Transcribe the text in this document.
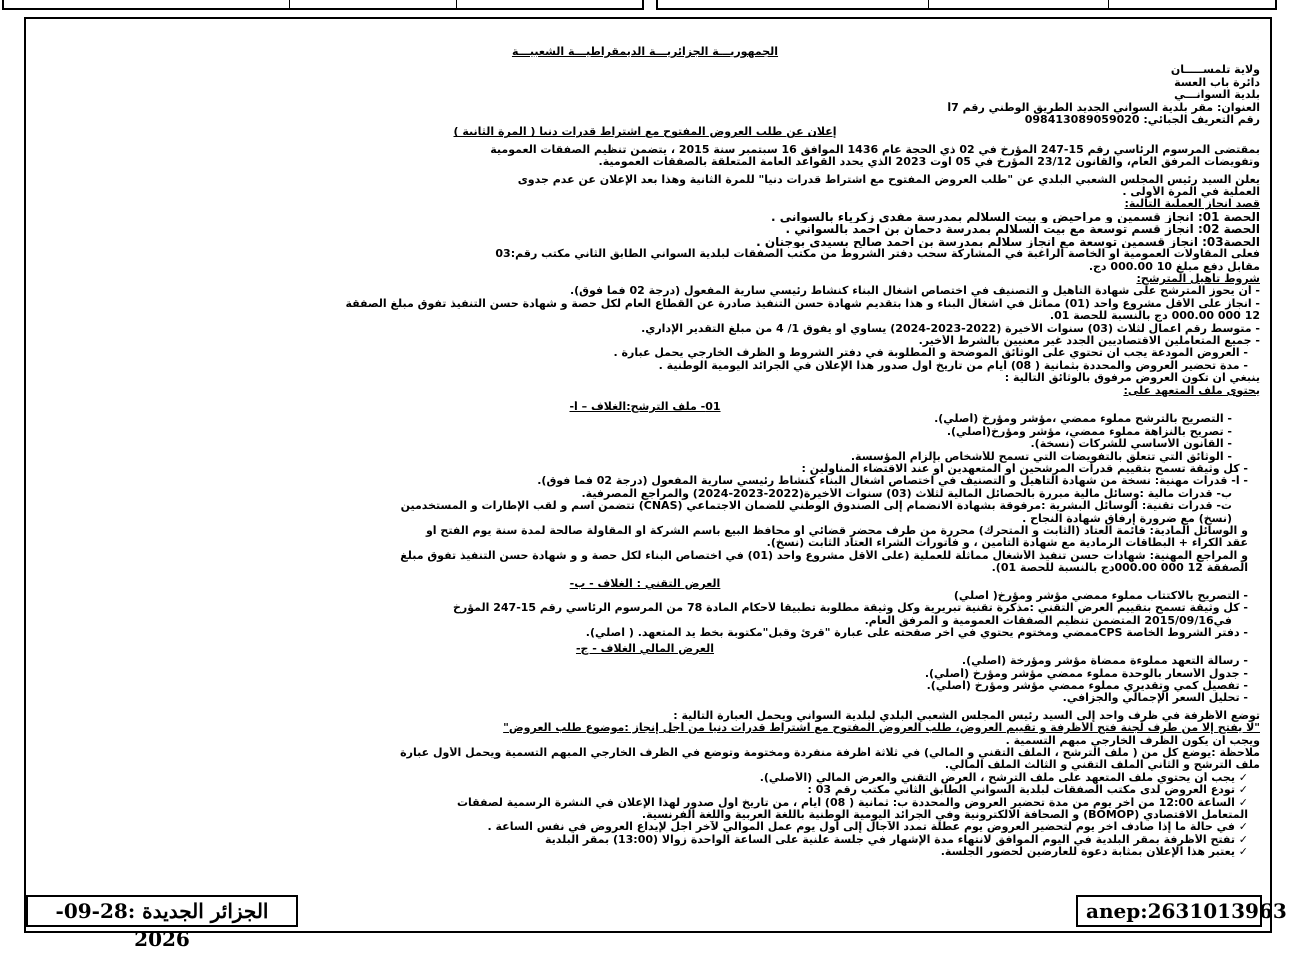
الجمهوريـــة الجزائريـــة الديمقراطيـــة الشعبيـــة

ولاية تلمســـــان

دائرة باب العسة

بلدية السوانـــي

العنوان: مقر بلدية السواني الجديد الطريق الوطني رقم 7أ

رقم التعريف الجبائي: 098413089059020

إعلان عن طلب العروض المفتوح مع اشتراط قدرات دنيا ( المرة الثانية )

بمقتضى المرسوم الرئاسي رقم 15-247 المؤرخ في 02 ذي الحجة عام 1436 الموافق 16 سبتمبر سنة 2015 ، يتضمن تنظيم الصفقات العمومية

وتفويضات المرفق العام، والقانون 23/12 المؤرخ في 05 اوت 2023 الذي يحدد القواعد العامة المتعلقة بالصفقات العمومية.

يعلن السيد رئيس المجلس الشعبي البلدي عن "طلب العروض المفتوح مع اشتراط قدرات دنيا" للمرة الثانية وهذا بعد الإعلان عن عدم جدوى

العملية في المرة الأولى .

قصد انجاز العملية التالية:

الحصة 01: انجاز قسمين و مراحيض و بيت السلالم بمدرسة مفدي زكرياء بالسواني .

الحصة 02: انجاز قسم توسعة مع بيت السلالم بمدرسة دحمان بن احمد بالسواني .

الحصة03: انجاز قسمين توسعة مع انجاز سلالم بمدرسة بن احمد صالح بسيدي بوجنان .

فعلى المقاولات العمومية او الخاصة الراغبة في المشاركة سحب دفتر الشروط من مكتب الصفقات لبلدية السواني الطابق الثاني مكتب رقم:03

مقابل دفع مبلغ 10 000.00 دج.

شروط تأهيل المترشح:

- أن يحوز المترشح على شهادة التأهيل و التصنيف في اختصاص أشغال البناء كنشاط رئيسي سارية المفعول (درجة 02 فما فوق).

- انجاز على الأقل مشروع واحد (01) مماثل في اشغال البناء و هذا بتقديم شهادة حسن التنفيذ صادرة عن القطاع العام لكل حصة و شهادة حسن التنفيذ تفوق مبلغ الصفقة

12 000 000.00 دج بالنسبة للحصة 01.

- متوسط رقم أعمال لثلاث (03) سنوات الأخيرة (2022-2023-2024) يساوي أو يفوق 1/ 4 من مبلغ التقدير الإداري.

- جميع المتعاملين الاقتصاديين الجدد غير معنيين بالشرط الأخير.

- العروض المودعة يجب ان تحتوي على الوثائق الموضحة و المطلوبة في دفتر الشروط و الظرف الخارجي يحمل عبارة .

- مدة تحضير العروض والمحددة بثمانية ( 08) أيام من تاريخ أول صدور هذا الإعلان في الجرائد اليومية الوطنية .

ينبغي ان تكون العروض مرفوق بالوثائق التالية :

يحتوى ملف المتعهد على:

01- ملف الترشح:الغلاف – أ-

- التصريح بالترشح مملوء ممضي ،مؤشر ومؤرخ (أصلي).

- تصريح بالنزاهة مملوء ممضي، مؤشر ومؤرخ(أصلي).

- القانون الأساسي للشركات (نسخة).

- الوثائق التي تتعلق بالتفويضات التي تسمح للأشخاص بإلزام المؤسسة.

- كل وثيقة تسمح بتقييم قدرات المرشحين أو المتعهدين أو عند الاقتضاء المناولين :

- أ- قدرات مهنية: نسخة من شهادة التأهيل و التصنيف في اختصاص أشغال البناء كنشاط رئيسي سارية المفعول (درجة 02 فما فوق).

ب- قدرات مالية :وسائل مالية مبررة بالحصائل المالية لثلاث (03) سنوات الأخيرة(2022-2023-2024) والمراجع المصرفية.

ت- قدرات تقنية: الوسائل البشرية :مرفوقة بشهادة الانضمام إلى الصندوق الوطني للضمان الاجتماعي (CNAS) تتضمن اسم و لقب الإطارات و المستخدمين

(نسخ) مع ضرورة إرفاق شهادة النجاح .

و الوسائل المادية: قائمة العتاد (الثابت و المتحرك) محررة من طرف محضر قضائي أو محافظ البيع باسم الشركة أو المقاولة صالحة لمدة سنة يوم الفتح أو

عقد الكراء + البطاقات الرمادية مع شهادة التأمين ، و فاتورات الشراء العتاد الثابت (نسخ).

و المراجع المهنية: شهادات حسن تنفيذ الأشغال مماثلة للعملية (على الأقل مشروع واحد (01) في اختصاص البناء لكل حصة و و شهادة حسن التنفيذ تفوق مبلغ

الصفقة 12 000 000.00دج بالنسبة للحصة 01).

العرض التقني : الغلاف - ب-

- التصريح بالاكتتاب مملوء ممضي مؤشر ومؤرخ( اصلي)

- كل وثيقة تسمح بتقييم العرض التقني :مذكرة تقنية تبريرية وكل وثيقة مطلوبة تطبيقا لأحكام المادة 78 من المرسوم الرئاسي رقم 15-247 المؤرخ

في2015/09/16 المتضمن تنظيم الصفقات العمومية و المرفق العام.

- دفتر الشروط الخاصة CPSممضي ومختوم يحتوي في آخر صفحته على عبارة "قرئ وقبل"مكتوبة بخط يد المتعهد. ( اصلي).

العرض المالي الغلاف - ج-

- رسالة التعهد مملوءة ممضاة مؤشر ومؤرخة (اصلي).

- جدول الأسعار بالوحدة مملوء ممضي مؤشر ومؤرخ (أصلي).

- تفصيل كمي وتقديري مملوء ممضي مؤشر ومؤرخ (اصلي).

- تحليل السعر الإجمالي والجزافي.

توضع الأظرفة في ظرف واحد إلى السيد رئيس المجلس الشعبي البلدي لبلدية السواني ويحمل العبارة التالية :

"لا يفتح إلا من طرف لجنة فتح الأظرفة و تقييم العروض، طلب العروض المفتوح مع اشتراط قدرات دنيا من أجل إنجاز :موضوع طلب العروض"

ويجب أن يكون الظرف الخارجي مبهم التسمية .

ملاحظة :يوضع كل من ( ملف الترشح ، الملف التقني و المالي) في ثلاثة أظرفة منفردة ومختومة وتوضع في الظرف الخارجي المبهم التسمية ويحمل الأول عبارة

ملف الترشح و الثاني الملف التقني و الثالث الملف المالي.

✓ يجب أن يحتوي ملف المتعهد على ملف الترشح ، العرض التقني والعرض المالي (الأصلي).

✓ تودع العروض لدى مكتب الصفقات لبلدية السواني الطابق الثاني مكتب رقم 03 :

✓ الساعة 12:00 من آخر يوم من مدة تحضير العروض والمحددة ب: ثمانية ( 08) أيام ، من تاريخ أول صدور لهذا الإعلان في النشرة الرسمية لصفقات

المتعامل الاقتصادي (BOMOP) و الصحافة الالكترونية وفي الجرائد اليومية الوطنية باللغة العربية واللغة الفرنسية.

✓ في حالة ما إذا صادف آخر يوم لتحضير العروض يوم عطلة تمدد الآجال إلى أول يوم عمل الموالي لآخر أجل لإيداع العروض في نفس الساعة .

✓ تفتح الأظرفة بمقر البلدية في اليوم الموافق لانتهاء مدة الإشهار في جلسة علنية على الساعة الواحدة زوالا (13:00) بمقر البلدية

✓ يعتبر هذا الإعلان بمثابة دعوة للعارضين لحضور الجلسة.

الجزائر الجديدة :28-09-2026
anep:2631013963
